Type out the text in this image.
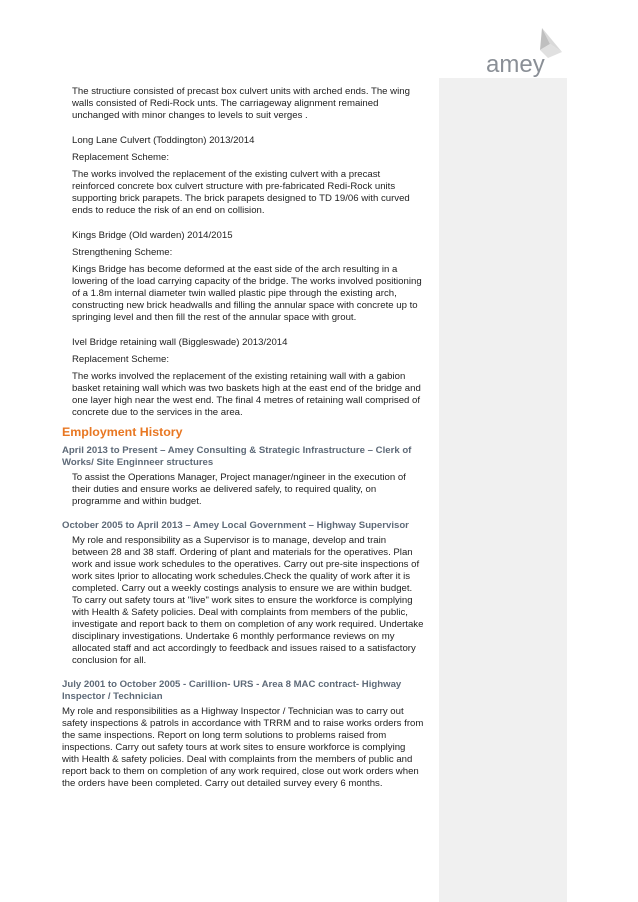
amey

The structiure consisted of precast box culvert units with arched ends. The wing walls consisted of Redi-Rock unts. The carriageway alignment remained unchanged with minor changes to levels to suit verges .

Long Lane Culvert (Toddington) 2013/2014

Replacement Scheme:

The works involved the replacement of the existing culvert with a precast reinforced concrete box culvert structure with pre-fabricated Redi-Rock units supporting brick parapets. The brick parapets designed to TD 19/06 with curved ends to reduce the risk of an end on collision.

Kings Bridge (Old warden) 2014/2015

Strengthening Scheme:

Kings Bridge has become deformed at the east side of the arch resulting in a lowering of the load carrying capacity of the bridge. The works involved positioning of a 1.8m internal diameter twin walled plastic pipe through the existing arch, constructing new brick headwalls and filling the annular space with concrete up to springing level and then fill the rest of the annular space with grout.

Ivel Bridge retaining wall (Biggleswade) 2013/2014

Replacement Scheme:

The works involved the replacement of the existing retaining wall with a gabion basket retaining wall which was two baskets high at the east end of the bridge and one layer high near the west end. The final 4 metres of retaining wall comprised of concrete due to the services in the area.

Employment History

April 2013 to Present – Amey Consulting & Strategic Infrastructure – Clerk of Works/ Site Enginneer structures

To assist the Operations Manager, Project manager/ngineer in the execution of their duties and ensure works ae delivered safely, to required quality, on programme and within budget.

October 2005 to April 2013 – Amey Local Government – Highway Supervisor

My role and responsibility as a Supervisor is to manage, develop and train between 28 and 38 staff. Ordering of plant and materials for the operatives. Plan work and issue work schedules to the operatives. Carry out pre-site inspections of work sites lprior to allocating work schedules.Check the quality of work after it is completed. Carry out a weekly costings analysis to ensure we are within budget. To carry out safety tours at "live" work sites to ensure the workforce is complying with Health & Safety policies. Deal with complaints from members of the public, investigate and report back to them on completion of any work required. Undertake disciplinary investigations. Undertake 6 monthly performance reviews on my allocated staff and act accordingly to feedback and issues raised to a satisfactory conclusion for all.

July 2001 to October 2005 - Carillion- URS - Area 8 MAC contract- Highway Inspector / Technician

My role and responsibilities as a Highway Inspector / Technician was to carry out safety inspections & patrols in accordance with TRRM and to raise works orders from the same inspections. Report on long term solutions to problems raised from inspections. Carry out safety tours at work sites to ensure workforce is complying with Health & safety policies. Deal with complaints from the members of public and report back to them on completion of any work required, close out work orders when the orders have been completed. Carry out detailed survey every 6 months.
